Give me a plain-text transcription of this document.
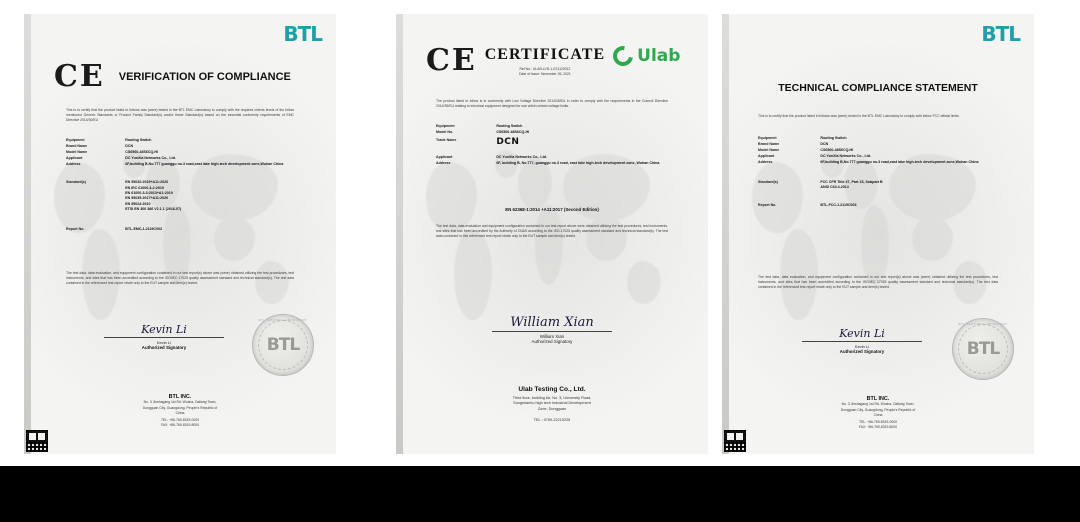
BTL
CE VERIFICATION OF COMPLIANCE
This is to certify that the product listed in follows was (were) tested in the BTL EMC Laboratory to comply with the required criteria levels of the follow mentioned Generic Standards or Product Family Standard(s) and/or these Standard(s) based on the essential conformity requirements of EMC Directive 2014/30/EU
Equipment	Routing Switch
Brand Name	DCN
Model Name	CS6560-48S6CQ-HI
Applicant	DC YunXia Networks Co., Ltd.
Address	6F,building B,No.777 guanggu no.3 road,east lake high-tech development zone,Wuhan China
Standard(s)	EN 55032:2015+A11:2020
EN IEC 61000-3-2:2019
EN 61000-3-3:2013+A1:2019
EN 55035:2017+A11:2020
EN 55024:2010
ETSI EN 300 386 V2.1.1 (2016-07)
Report No.	BTL-EMC-1.2119C003
The test data, data evaluation, and equipment configuration contained in our test report(s) above was (were) obtained utilizing the test procedures, test instruments, and sites that has been accredited according to the ISO/IEC 17025 quality assessment standard and technical standard(s). The test data contained in the referenced test report relate only to the EUT sample and item(s) tested.
Kevin Li
Kevin Li
Authorized Signatory
BTL TESTING LABORATORY
BTL
BTL INC.
No. 3 Jinshagang 1st Rd. Wusha, Daliang Town,
Dongguan City, Guangdong, People's Republic of
China
TEL: +86-769-8319-0000
FAX: +86-769-8319-8000
CE CERTIFICATE
Ref No.: ULAB-LVD-1-E21120012
Date of Issue: November 26, 2021
Ulab
The product listed in follow is in conformity with Low Voltage Directive 2014/35/EU in order to comply with the requirements in the Council Directive 2014/35/EU relating to electrical equipment designed for use within certain voltage limits.
Equipment	Routing Switch
Model No.	CS6560-48S6CQ-HI
Trade Name	DCN
Applicant	DC YunXia Networks Co., Ltd.
Address	6F, building B, No.777, guanggu no.3 road, east lake high-tech development zone, Wuhan China
EN 62368-1:2014 +A11:2017 (Second Edition)
The test data, data evaluation and equipment configuration contained in our test report above were obtained utilizing the test procedures, test instruments, test sites that has been accredited by the Authority of CNAS according to the ISO-17025 quality assessment standard and technical standard(s). The test data contained in this referenced test report relate only to the EUT sample and item(s) tested.
William Xian
William Xian
Authorized Signatory
Ulab Testing Co., Ltd.
Third floor, building 6#, No. 3, University Road,
Songshanhu high tech Industrial Development
Zone, Dongguan
TEL : 0769-22210225
BTL
TECHNICAL COMPLIANCE STATEMENT
This is to certify that the product listed in follows was (were) tested in the BTL EMC Laboratory to comply with below FCC official limits.
Equipment	Routing Switch
Brand Name	DCN
Model Name	CS6560-48S6CQ-HI
Applicant	DC YunXia Networks Co., Ltd.
Address	6F,building B,No.777 guanggu no.3 road,east lake high-tech development zone,Wuhan China
Standard(s)	FCC CFR Title 47, Part 15, Subpart B
ANSI C63.4-2014
Report No.	BTL-FCC-1.2119C003
The test data, data evaluation, and equipment configuration contained in our test report(s) above was (were) obtained utilizing the test procedures, test instruments, and sites that has been accredited according to the ISO/IEC 17025 quality assessment standard and technical standard(s). The test data contained in the referenced test report relate only to the EUT sample and item(s) tested.
Kevin Li
Kevin Li
Authorized Signatory
BTL TESTING LABORATORY
BTL
BTL INC.
No. 3 Jinshagang 1st Rd. Wusha, Daliang Town,
Dongguan City, Guangdong, People's Republic of
China
TEL: +86-769-8319-0000
FAX: +86-769-8319-8000
